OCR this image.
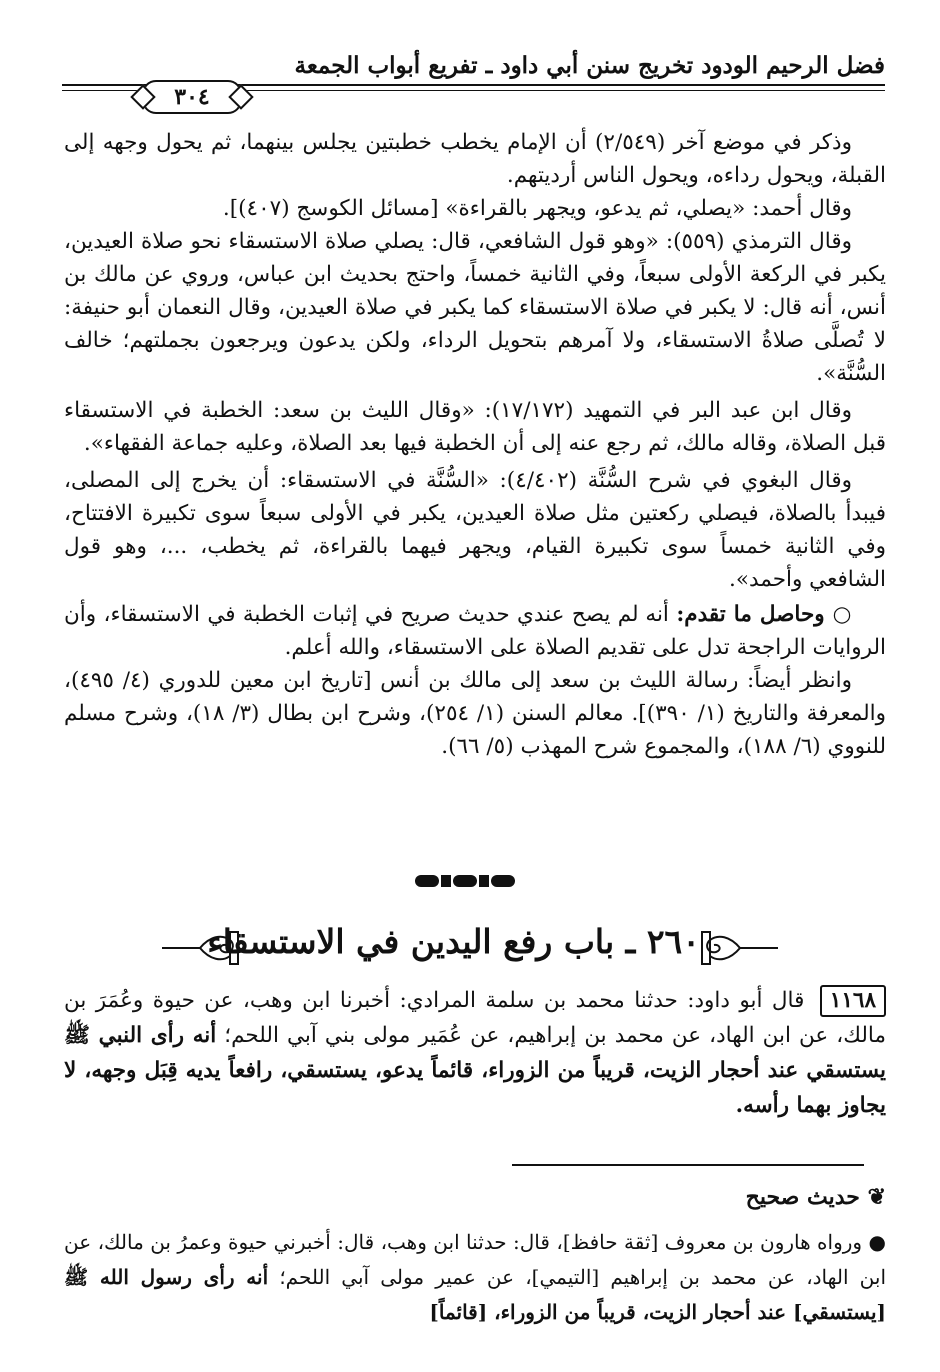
فضل الرحيم الودود تخريج سنن أبي داود ـ تفريع أبواب الجمعة
٣٠٤

وذكر في موضع آخر (٢/٥٤٩) أن الإمام يخطب خطبتين يجلس بينهما، ثم يحول وجهه إلى القبلة، ويحول رداءه، ويحول الناس أرديتهم.

وقال أحمد: «يصلي، ثم يدعو، ويجهر بالقراءة» [مسائل الكوسج (٤٠٧)].

وقال الترمذي (٥٥٩): «وهو قول الشافعي، قال: يصلي صلاة الاستسقاء نحو صلاة العيدين، يكبر في الركعة الأولى سبعاً، وفي الثانية خمساً، واحتج بحديث ابن عباس، وروي عن مالك بن أنس، أنه قال: لا يكبر في صلاة الاستسقاء كما يكبر في صلاة العيدين، وقال النعمان أبو حنيفة: لا تُصلَّى صلاةُ الاستسقاء، ولا آمرهم بتحويل الرداء، ولكن يدعون ويرجعون بجملتهم؛ خالف السُّنَّة».

وقال ابن عبد البر في التمهيد (١٧/١٧٢): «وقال الليث بن سعد: الخطبة في الاستسقاء قبل الصلاة، وقاله مالك، ثم رجع عنه إلى أن الخطبة فيها بعد الصلاة، وعليه جماعة الفقهاء».

وقال البغوي في شرح السُّنَّة (٤/٤٠٢): «السُّنَّة في الاستسقاء: أن يخرج إلى المصلى، فيبدأ بالصلاة، فيصلي ركعتين مثل صلاة العيدين، يكبر في الأولى سبعاً سوى تكبيرة الافتتاح، وفي الثانية خمساً سوى تكبيرة القيام، ويجهر فيهما بالقراءة، ثم يخطب، ...، وهو قول الشافعي وأحمد».

○ وحاصل ما تقدم: أنه لم يصح عندي حديث صريح في إثبات الخطبة في الاستسقاء، وأن الروايات الراجحة تدل على تقديم الصلاة على الاستسقاء، والله أعلم.

وانظر أيضاً: رسالة الليث بن سعد إلى مالك بن أنس [تاريخ ابن معين للدوري (٤/ ٤٩٥)، والمعرفة والتاريخ (١/ ٣٩٠)]. معالم السنن (١/ ٢٥٤)، وشرح ابن بطال (٣/ ١٨)، وشرح مسلم للنووي (٦/ ١٨٨)، والمجموع شرح المهذب (٥/ ٦٦).

٢٦٠ ـ باب رفع اليدين في الاستسقاء

١١٦٨ قال أبو داود: حدثنا محمد بن سلمة المرادي: أخبرنا ابن وهب، عن حيوة وعُمَرَ بن مالك، عن ابن الهاد، عن محمد بن إبراهيم، عن عُمَير مولى بني آبي اللحم؛ أنه رأى النبي ﷺ يستسقي عند أحجار الزيت، قريباً من الزوراء، قائماً يدعو، يستسقي، رافعاً يديه قِبَل وجهه، لا يجاوز بهما رأسه.

❦ حديث صحيح

● ورواه هارون بن معروف [ثقة حافظ]، قال: حدثنا ابن وهب، قال: أخبرني حيوة وعمرُ بن مالك، عن ابن الهاد، عن محمد بن إبراهيم [التيمي]، عن عمير مولى آبي اللحم؛ أنه رأى رسول الله ﷺ [يستسقي] عند أحجار الزيت، قريباً من الزوراء، [قائماً]
